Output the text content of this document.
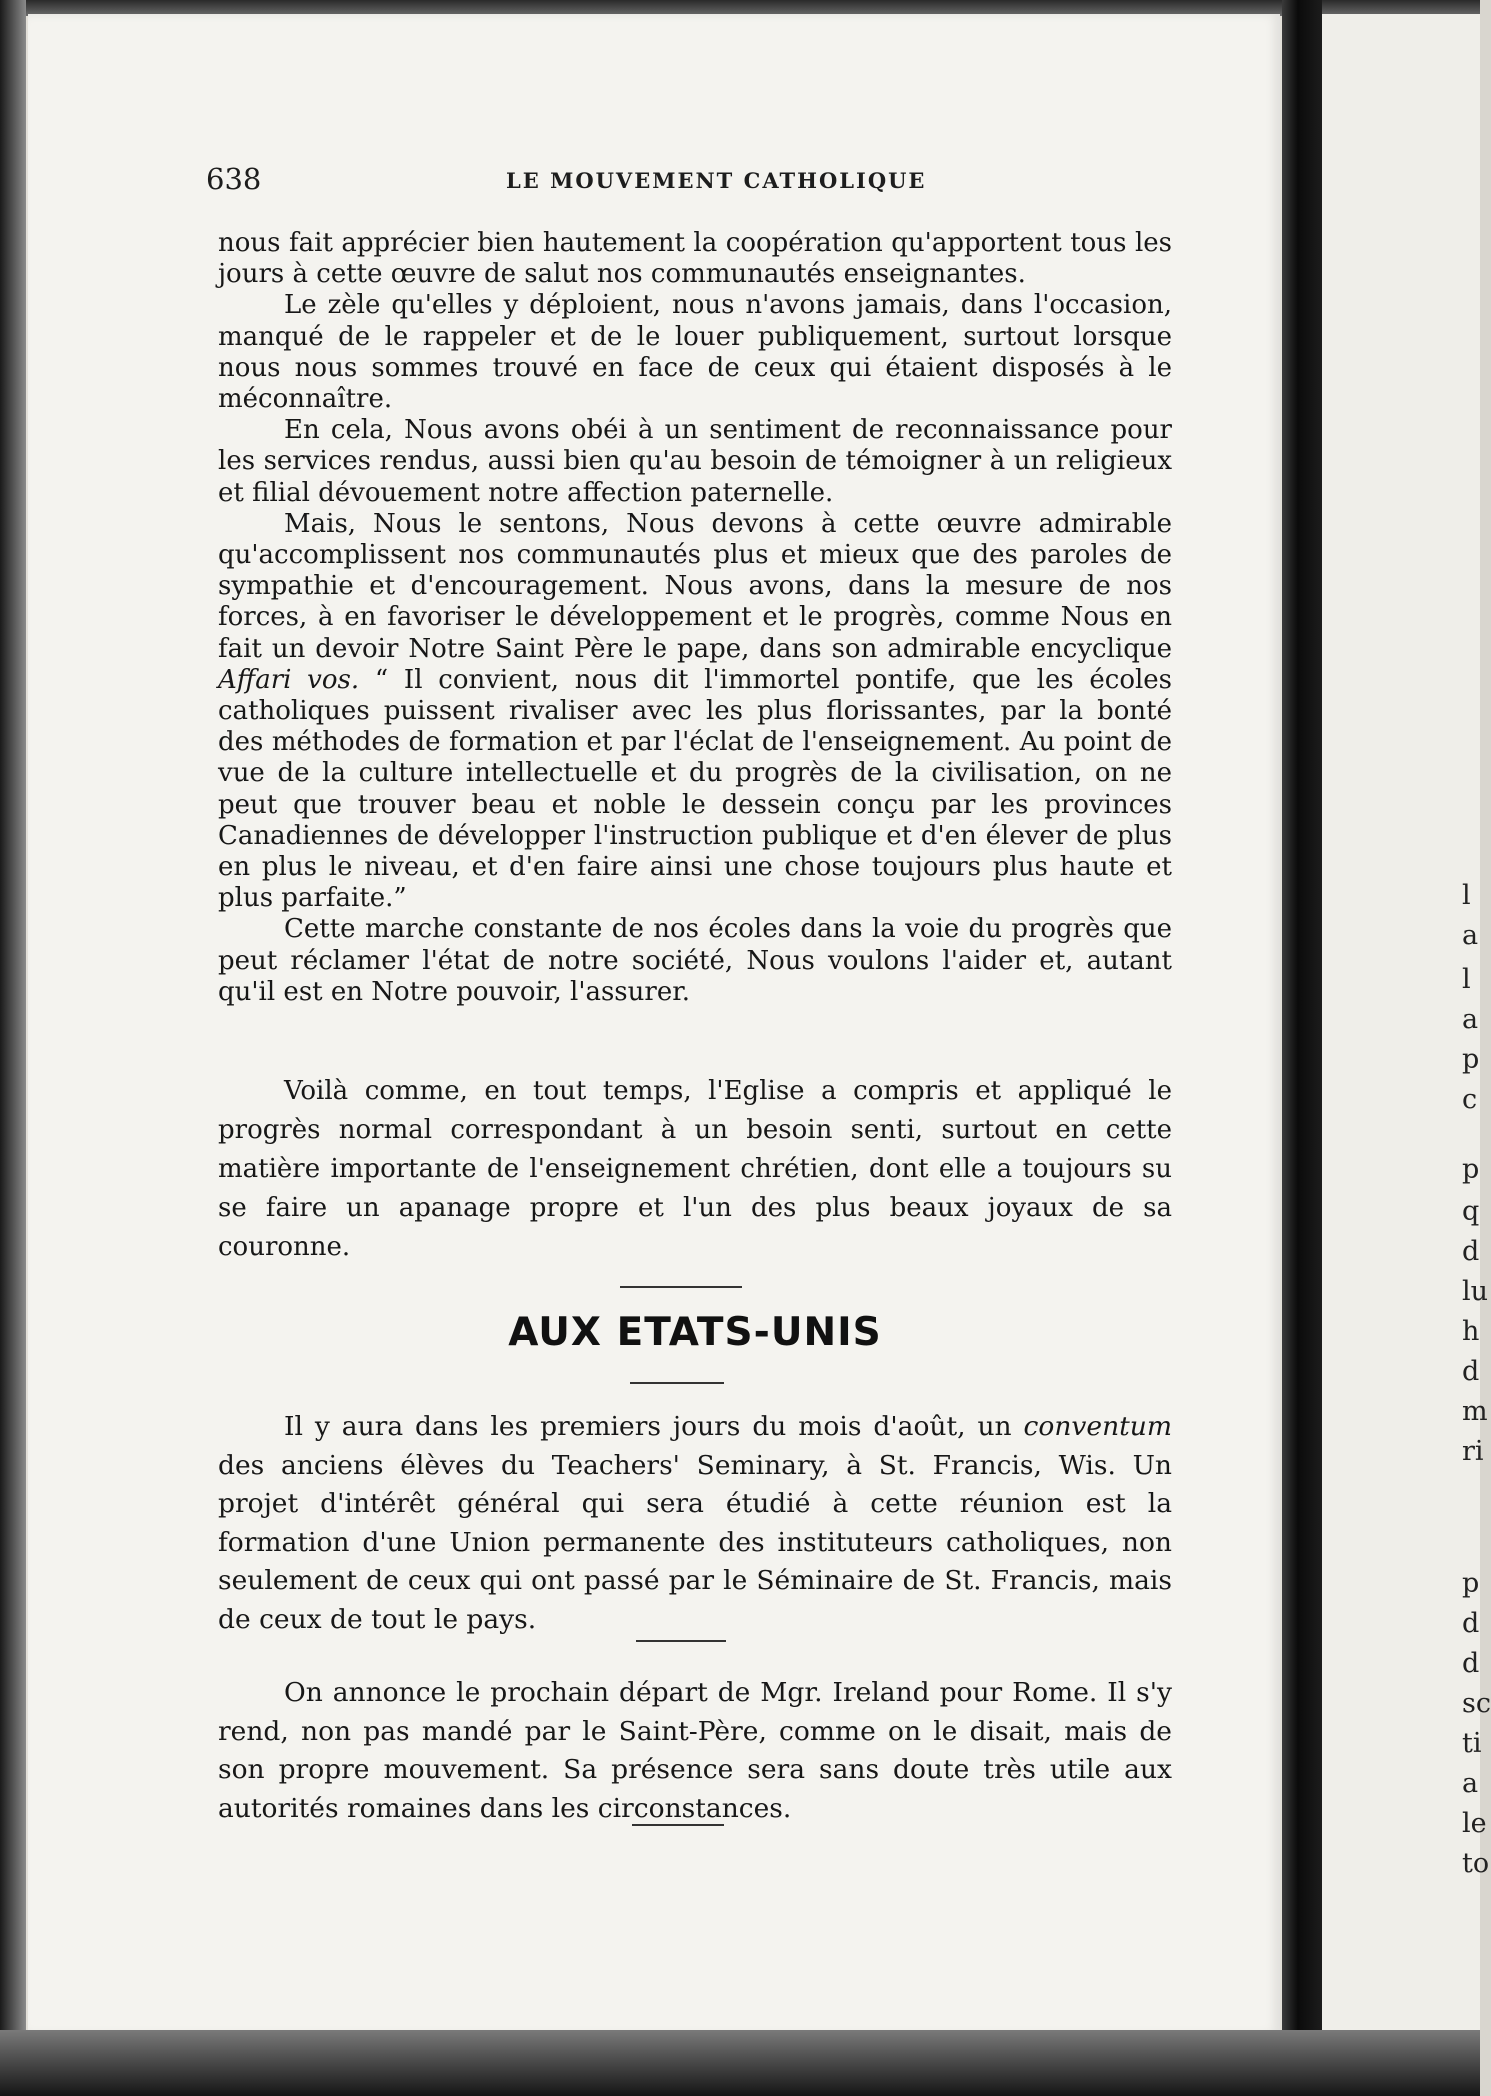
638	LE MOUVEMENT CATHOLIQUE

nous fait apprécier bien hautement la coopération qu'apportent tous les jours à cette œuvre de salut nos communautés enseignantes.

Le zèle qu'elles y déploient, nous n'avons jamais, dans l'occasion, manqué de le rappeler et de le louer publiquement, surtout lorsque nous nous sommes trouvé en face de ceux qui étaient disposés à le méconnaître.

En cela, Nous avons obéi à un sentiment de reconnaissance pour les services rendus, aussi bien qu'au besoin de témoigner à un religieux et filial dévouement notre affection paternelle.

Mais, Nous le sentons, Nous devons à cette œuvre admirable qu'accomplissent nos communautés plus et mieux que des paroles de sympathie et d'encouragement. Nous avons, dans la mesure de nos forces, à en favoriser le développement et le progrès, comme Nous en fait un devoir Notre Saint Père le pape, dans son admirable encyclique Affari vos. “ Il convient, nous dit l'immortel pontife, que les écoles catholiques puissent rivaliser avec les plus florissantes, par la bonté des méthodes de formation et par l'éclat de l'enseignement. Au point de vue de la culture intellectuelle et du progrès de la civilisation, on ne peut que trouver beau et noble le dessein conçu par les provinces Canadiennes de développer l'instruction publique et d'en élever de plus en plus le niveau, et d'en faire ainsi une chose toujours plus haute et plus parfaite.”

Cette marche constante de nos écoles dans la voie du progrès que peut réclamer l'état de notre société, Nous voulons l'aider et, autant qu'il est en Notre pouvoir, l'assurer.

Voilà comme, en tout temps, l'Eglise a compris et appliqué le progrès normal correspondant à un besoin senti, surtout en cette matière importante de l'enseignement chrétien, dont elle a toujours su se faire un apanage propre et l'un des plus beaux joyaux de sa couronne.

AUX ETATS-UNIS

Il y aura dans les premiers jours du mois d'août, un conventum des anciens élèves du Teachers' Seminary, à St. Francis, Wis. Un projet d'intérêt général qui sera étudié à cette réunion est la formation d'une Union permanente des instituteurs catholiques, non seulement de ceux qui ont passé par le Séminaire de St. Francis, mais de ceux de tout le pays.

On annonce le prochain départ de Mgr. Ireland pour Rome. Il s'y rend, non pas mandé par le Saint-Père, comme on le disait, mais de son propre mouvement. Sa présence sera sans doute très utile aux autorités romaines dans les circonstances.

l
a
l
a
p
c
p
q
d
lu
h
d
m
ri
p
d
d
sc
ti
a
le
to
